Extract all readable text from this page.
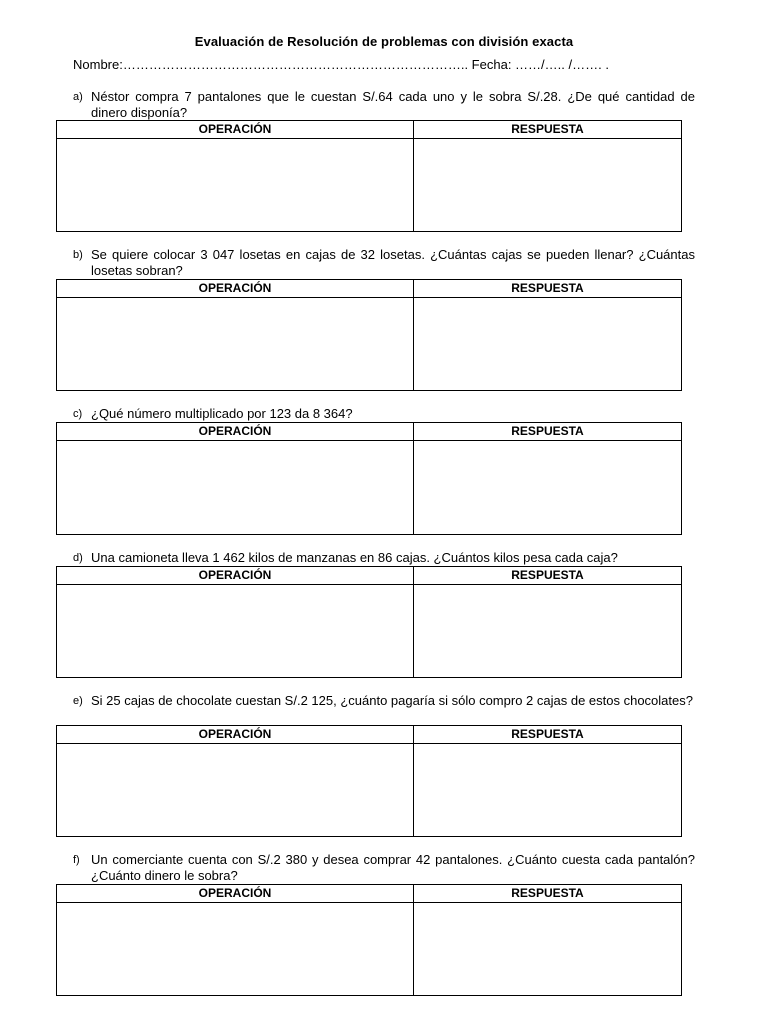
Evaluación de Resolución de problemas con división exacta
Nombre:…………………………………………………………………….. Fecha: ……/….. /……. .
a) Néstor compra 7 pantalones que le cuestan S/.64 cada uno y le sobra S/.28. ¿De qué cantidad de dinero disponía?
OPERACIÓN	RESPUESTA
b) Se quiere colocar 3 047 losetas en cajas de 32 losetas. ¿Cuántas cajas se pueden llenar? ¿Cuántas losetas sobran?
OPERACIÓN	RESPUESTA
c) ¿Qué número multiplicado por 123 da 8 364?
OPERACIÓN	RESPUESTA
d) Una camioneta lleva 1 462 kilos de manzanas en 86 cajas. ¿Cuántos kilos pesa cada caja?
OPERACIÓN	RESPUESTA
e) Si 25 cajas de chocolate cuestan S/.2 125, ¿cuánto pagaría si sólo compro 2 cajas de estos chocolates?
OPERACIÓN	RESPUESTA
f) Un comerciante cuenta con S/.2 380 y desea comprar 42 pantalones. ¿Cuánto cuesta cada pantalón? ¿Cuánto dinero le sobra?
OPERACIÓN	RESPUESTA
